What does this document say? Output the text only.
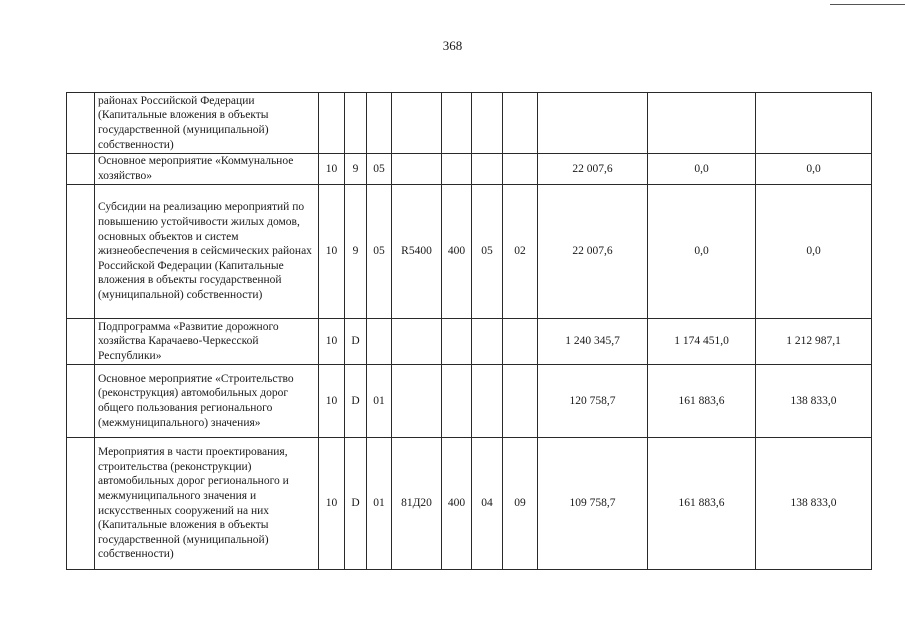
368
	районах Российской Федерации (Капитальные вложения в объекты государственной (муниципальной) собственности)										
	Основное мероприятие «Коммунальное хозяйство»	10	9	05					22 007,6	0,0	0,0
	Субсидии на реализацию мероприятий по повышению устойчивости жилых домов, основных объектов и систем жизнеобеспечения в сейсмических районах Российской Федерации (Капитальные вложения в объекты государственной (муниципальной) собственности)	10	9	05	R5400	400	05	02	22 007,6	0,0	0,0
	Подпрограмма «Развитие дорожного хозяйства Карачаево-Черкесской Республики»	10	D						1 240 345,7	1 174 451,0	1 212 987,1
	Основное мероприятие «Строительство (реконструкция) автомобильных дорог общего пользования регионального (межмуниципального) значения»	10	D	01					120 758,7	161 883,6	138 833,0
	Мероприятия в части проектирования, строительства (реконструкции) автомобильных дорог регионального и межмуниципального значения и искусственных сооружений на них (Капитальные вложения в объекты государственной (муниципальной) собственности)	10	D	01	81Д20	400	04	09	109 758,7	161 883,6	138 833,0
